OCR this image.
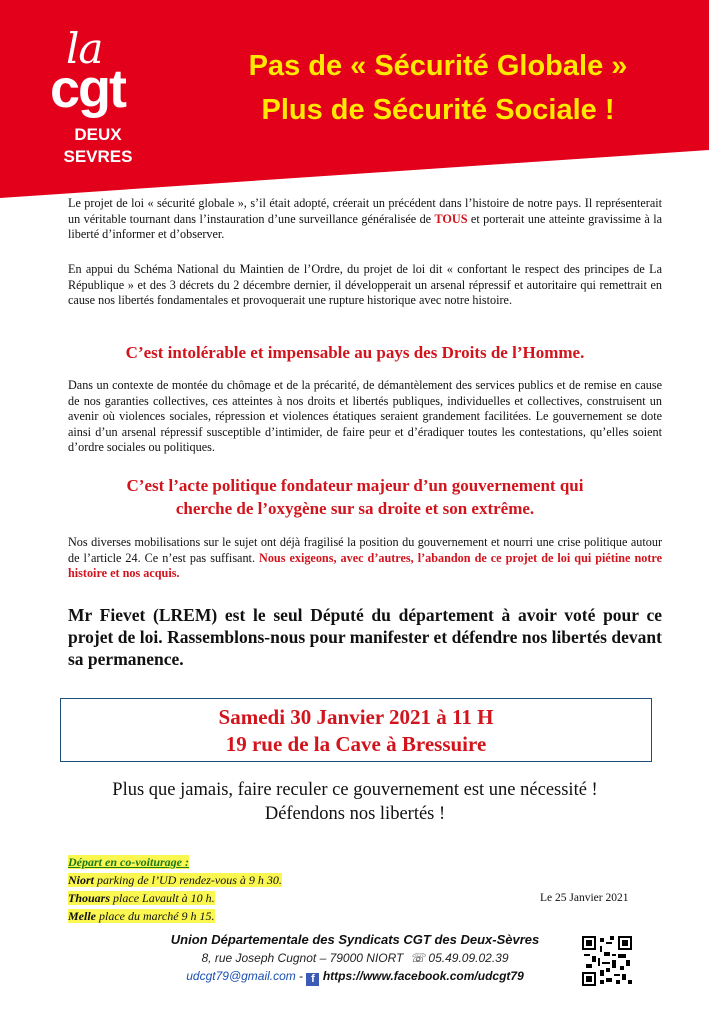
la
cgt
DEUX
SEVRES
Pas de « Sécurité Globale »
Plus de Sécurité Sociale !
Le projet de loi « sécurité globale », s’il était adopté, créerait un précédent dans l’histoire de notre pays. Il représenterait un véritable tournant dans l’instauration d’une surveillance généralisée de TOUS et porterait une atteinte gravissime à la liberté d’informer et d’observer.
En appui du Schéma National du Maintien de l’Ordre, du projet de loi dit « confortant le respect des principes de La République » et des 3 décrets du 2 décembre dernier, il développerait un arsenal répressif et autoritaire qui remettrait en cause nos libertés fondamentales et provoquerait une rupture historique avec notre histoire.
C’est intolérable et impensable au pays des Droits de l’Homme.
Dans un contexte de montée du chômage et de la précarité, de démantèlement des services publics et de remise en cause de nos garanties collectives, ces atteintes à nos droits et libertés publiques, individuelles et collectives, construisent un avenir où violences sociales, répression et violences étatiques seraient grandement facilitées. Le gouvernement se dote ainsi d’un arsenal répressif susceptible d’intimider, de faire peur et d’éradiquer toutes les contestations, qu’elles soient d’ordre sociales ou politiques.
C’est l’acte politique fondateur majeur d’un gouvernement qui
cherche de l’oxygène sur sa droite et son extrême.
Nos diverses mobilisations sur le sujet ont déjà fragilisé la position du gouvernement et nourri une crise politique autour de l’article 24. Ce n’est pas suffisant. Nous exigeons, avec d’autres, l’abandon de ce projet de loi qui piétine notre histoire et nos acquis.
Mr Fievet (LREM) est le seul Député du département à avoir voté pour ce projet de loi. Rassemblons-nous pour manifester et défendre nos libertés devant sa permanence.
Samedi 30 Janvier 2021 à 11 H
19 rue de la Cave à Bressuire
Plus que jamais, faire reculer ce gouvernement est une nécessité !
Défendons nos libertés !
Départ en co-voiturage :
Niort parking de l’UD rendez-vous à 9 h 30.
Thouars place Lavault à 10 h.
Melle place du marché 9 h 15.
Le 25 Janvier 2021
Union Départementale des Syndicats CGT des Deux-Sèvres
8, rue Joseph Cugnot – 79000 NIORT ☏ 05.49.09.02.39
udcgt79@gmail.com - f https://www.facebook.com/udcgt79
